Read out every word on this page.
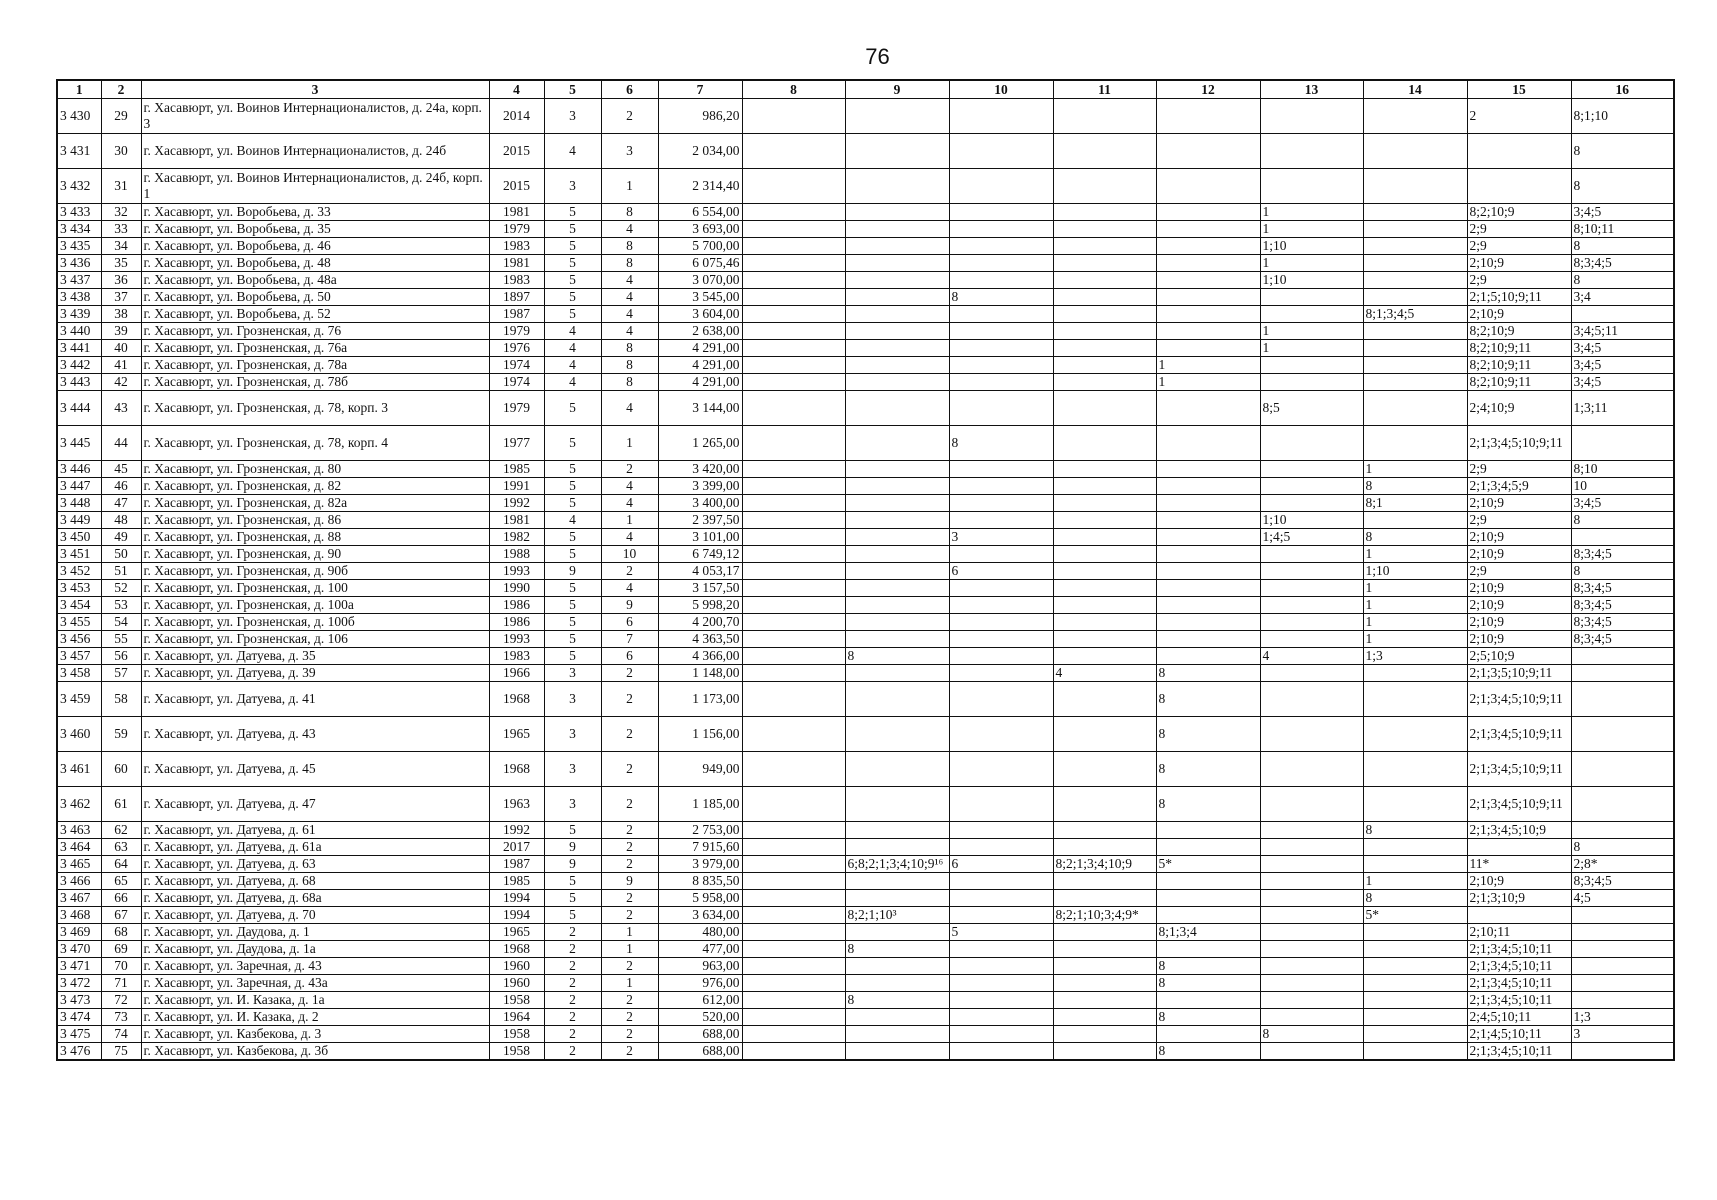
76
1	2	3	4	5	6	7	8	9	10	11	12	13	14	15	16
3 430	29	г. Хасавюрт, ул. Воинов Интернационалистов, д. 24а, корп. 3	2014	3	2	986,20								2	8;1;10
3 431	30	г. Хасавюрт, ул. Воинов Интернационалистов, д. 24б	2015	4	3	2 034,00									8
3 432	31	г. Хасавюрт, ул. Воинов Интернационалистов, д. 24б, корп. 1	2015	3	1	2 314,40									8
3 433	32	г. Хасавюрт, ул. Воробьева, д. 33	1981	5	8	6 554,00						1		8;2;10;9	3;4;5
3 434	33	г. Хасавюрт, ул. Воробьева, д. 35	1979	5	4	3 693,00						1		2;9	8;10;11
3 435	34	г. Хасавюрт, ул. Воробьева, д. 46	1983	5	8	5 700,00						1;10		2;9	8
3 436	35	г. Хасавюрт, ул. Воробьева, д. 48	1981	5	8	6 075,46						1		2;10;9	8;3;4;5
3 437	36	г. Хасавюрт, ул. Воробьева, д. 48а	1983	5	4	3 070,00						1;10		2;9	8
3 438	37	г. Хасавюрт, ул. Воробьева, д. 50	1897	5	4	3 545,00			8					2;1;5;10;9;11	3;4
3 439	38	г. Хасавюрт, ул. Воробьева, д. 52	1987	5	4	3 604,00							8;1;3;4;5	2;10;9	
3 440	39	г. Хасавюрт, ул. Грозненская, д. 76	1979	4	4	2 638,00						1		8;2;10;9	3;4;5;11
3 441	40	г. Хасавюрт, ул. Грозненская, д. 76а	1976	4	8	4 291,00						1		8;2;10;9;11	3;4;5
3 442	41	г. Хасавюрт, ул. Грозненская, д. 78а	1974	4	8	4 291,00					1			8;2;10;9;11	3;4;5
3 443	42	г. Хасавюрт, ул. Грозненская, д. 78б	1974	4	8	4 291,00					1			8;2;10;9;11	3;4;5
3 444	43	г. Хасавюрт, ул. Грозненская, д. 78, корп. 3	1979	5	4	3 144,00						8;5		2;4;10;9	1;3;11
3 445	44	г. Хасавюрт, ул. Грозненская, д. 78, корп. 4	1977	5	1	1 265,00			8					2;1;3;4;5;10;9;11	
3 446	45	г. Хасавюрт, ул. Грозненская, д. 80	1985	5	2	3 420,00							1	2;9	8;10
3 447	46	г. Хасавюрт, ул. Грозненская, д. 82	1991	5	4	3 399,00							8	2;1;3;4;5;9	10
3 448	47	г. Хасавюрт, ул. Грозненская, д. 82а	1992	5	4	3 400,00							8;1	2;10;9	3;4;5
3 449	48	г. Хасавюрт, ул. Грозненская, д. 86	1981	4	1	2 397,50						1;10		2;9	8
3 450	49	г. Хасавюрт, ул. Грозненская, д. 88	1982	5	4	3 101,00			3			1;4;5	8	2;10;9	
3 451	50	г. Хасавюрт, ул. Грозненская, д. 90	1988	5	10	6 749,12							1	2;10;9	8;3;4;5
3 452	51	г. Хасавюрт, ул. Грозненская, д. 90б	1993	9	2	4 053,17			6				1;10	2;9	8
3 453	52	г. Хасавюрт, ул. Грозненская, д. 100	1990	5	4	3 157,50							1	2;10;9	8;3;4;5
3 454	53	г. Хасавюрт, ул. Грозненская, д. 100а	1986	5	9	5 998,20							1	2;10;9	8;3;4;5
3 455	54	г. Хасавюрт, ул. Грозненская, д. 100б	1986	5	6	4 200,70							1	2;10;9	8;3;4;5
3 456	55	г. Хасавюрт, ул. Грозненская, д. 106	1993	5	7	4 363,50							1	2;10;9	8;3;4;5
3 457	56	г. Хасавюрт, ул. Датуева, д. 35	1983	5	6	4 366,00		8				4	1;3	2;5;10;9	
3 458	57	г. Хасавюрт, ул. Датуева, д. 39	1966	3	2	1 148,00				4	8			2;1;3;5;10;9;11	
3 459	58	г. Хасавюрт, ул. Датуева, д. 41	1968	3	2	1 173,00					8			2;1;3;4;5;10;9;11	
3 460	59	г. Хасавюрт, ул. Датуева, д. 43	1965	3	2	1 156,00					8			2;1;3;4;5;10;9;11	
3 461	60	г. Хасавюрт, ул. Датуева, д. 45	1968	3	2	949,00					8			2;1;3;4;5;10;9;11	
3 462	61	г. Хасавюрт, ул. Датуева, д. 47	1963	3	2	1 185,00					8			2;1;3;4;5;10;9;11	
3 463	62	г. Хасавюрт, ул. Датуева, д. 61	1992	5	2	2 753,00							8	2;1;3;4;5;10;9	
3 464	63	г. Хасавюрт, ул. Датуева, д. 61а	2017	9	2	7 915,60									8
3 465	64	г. Хасавюрт, ул. Датуева, д. 63	1987	9	2	3 979,00		6;8;2;1;3;4;10;9¹⁶	6	8;2;1;3;4;10;9	5*			11*	2;8*
3 466	65	г. Хасавюрт, ул. Датуева, д. 68	1985	5	9	8 835,50							1	2;10;9	8;3;4;5
3 467	66	г. Хасавюрт, ул. Датуева, д. 68а	1994	5	2	5 958,00							8	2;1;3;10;9	4;5
3 468	67	г. Хасавюрт, ул. Датуева, д. 70	1994	5	2	3 634,00		8;2;1;10³		8;2;1;10;3;4;9*			5*		
3 469	68	г. Хасавюрт, ул. Даудова, д. 1	1965	2	1	480,00			5		8;1;3;4			2;10;11	
3 470	69	г. Хасавюрт, ул. Даудова, д. 1а	1968	2	1	477,00		8						2;1;3;4;5;10;11	
3 471	70	г. Хасавюрт, ул. Заречная, д. 43	1960	2	2	963,00					8			2;1;3;4;5;10;11	
3 472	71	г. Хасавюрт, ул. Заречная, д. 43а	1960	2	1	976,00					8			2;1;3;4;5;10;11	
3 473	72	г. Хасавюрт, ул. И. Казака, д. 1а	1958	2	2	612,00		8						2;1;3;4;5;10;11	
3 474	73	г. Хасавюрт, ул. И. Казака, д. 2	1964	2	2	520,00					8			2;4;5;10;11	1;3
3 475	74	г. Хасавюрт, ул. Казбекова, д. 3	1958	2	2	688,00						8		2;1;4;5;10;11	3
3 476	75	г. Хасавюрт, ул. Казбекова, д. 3б	1958	2	2	688,00					8			2;1;3;4;5;10;11	
